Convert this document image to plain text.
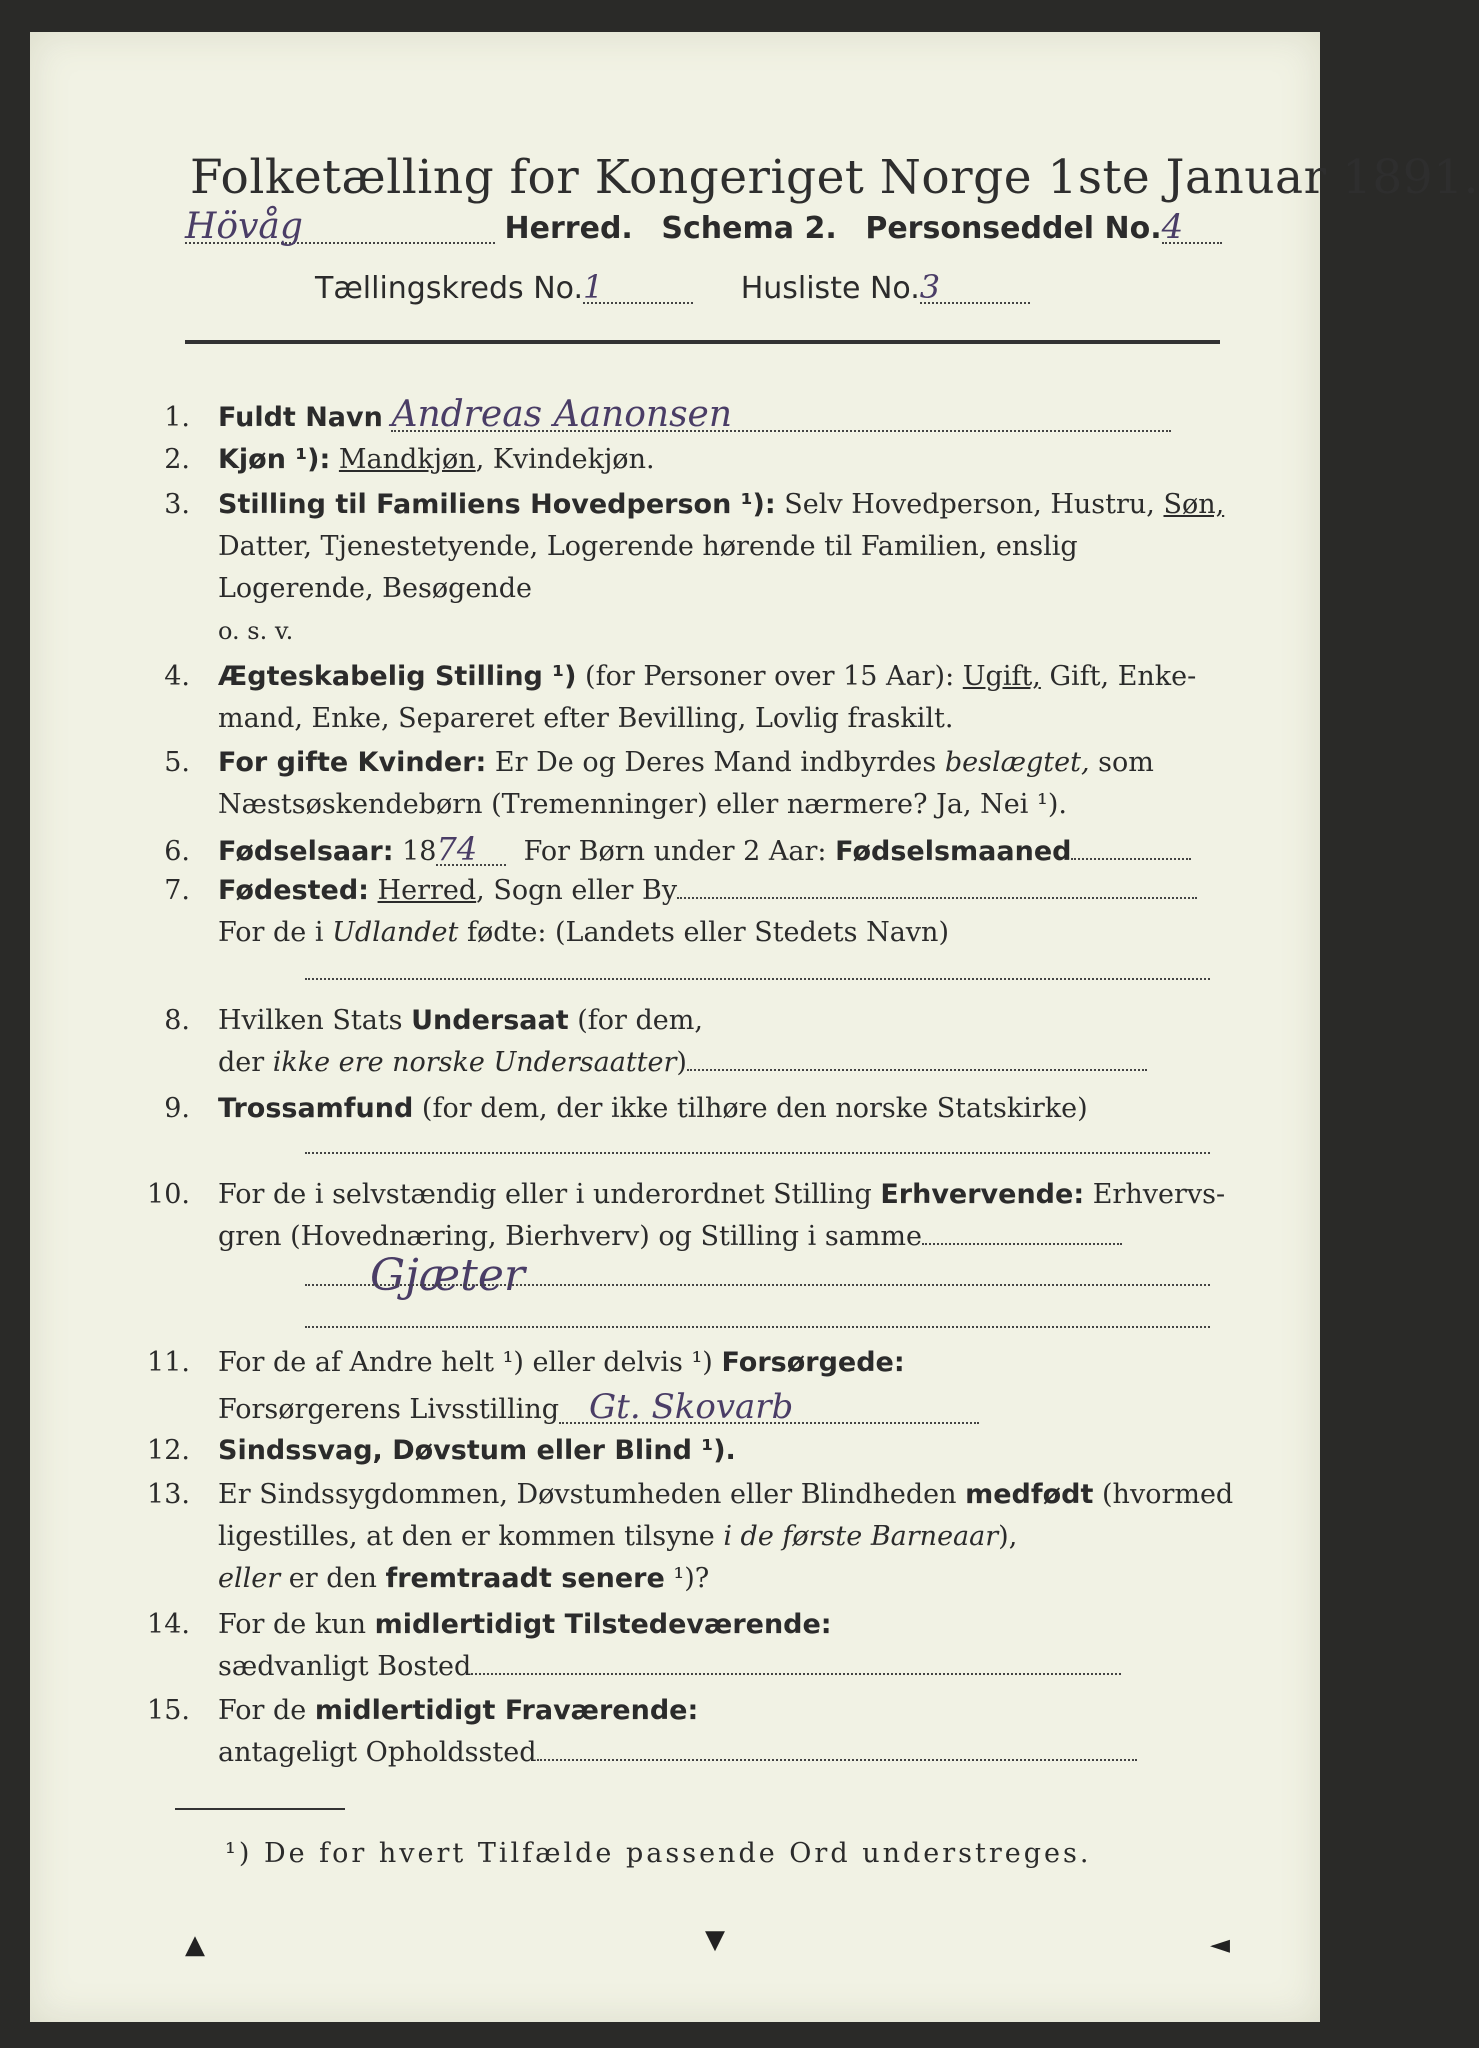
Folketælling for Kongeriget Norge 1ste Januar 1891.
Hövåg	Herred. Schema 2. Personseddel No.4
Tællingskreds No.1	Husliste No.3
1. Fuldt Navn Andreas Aanonsen
2. Kjøn ¹): Mandkjøn, Kvindekjøn.
3. Stilling til Familiens Hovedperson ¹): Selv Hovedperson, Hustru, Søn,
Datter, Tjenestetyende, Logerende hørende til Familien, enslig
Logerende, Besøgende
o. s. v.
4. Ægteskabelig Stilling ¹) (for Personer over 15 Aar): Ugift, Gift, Enke-
mand, Enke, Separeret efter Bevilling, Lovlig fraskilt.
5. For gifte Kvinder: Er De og Deres Mand indbyrdes beslægtet, som
Næstsøskendebørn (Tremenninger) eller nærmere? Ja, Nei ¹).
6. Fødselsaar: 1874 For Børn under 2 Aar: Fødselsmaaned
7. Fødested: Herred, Sogn eller By
For de i Udlandet fødte: (Landets eller Stedets Navn)
8. Hvilken Stats Undersaat (for dem,
der ikke ere norske Undersaatter)
9. Trossamfund (for dem, der ikke tilhøre den norske Statskirke)
10. For de i selvstændig eller i underordnet Stilling Erhvervende: Erhvervs-
gren (Hovednæring, Bierhverv) og Stilling i samme
Gjæter
11. For de af Andre helt ¹) eller delvis ¹) Forsørgede:
Forsørgerens Livsstilling Gt. Skovarb
12. Sindssvag, Døvstum eller Blind ¹).
13. Er Sindssygdommen, Døvstumheden eller Blindheden medfødt (hvormed
ligestilles, at den er kommen tilsyne i de første Barneaar),
eller er den fremtraadt senere ¹)?
14. For de kun midlertidigt Tilstedeværende:
sædvanligt Bosted
15. For de midlertidigt Fraværende:
antageligt Opholdssted
¹) De for hvert Tilfælde passende Ord understreges.
▲	▼	◄
